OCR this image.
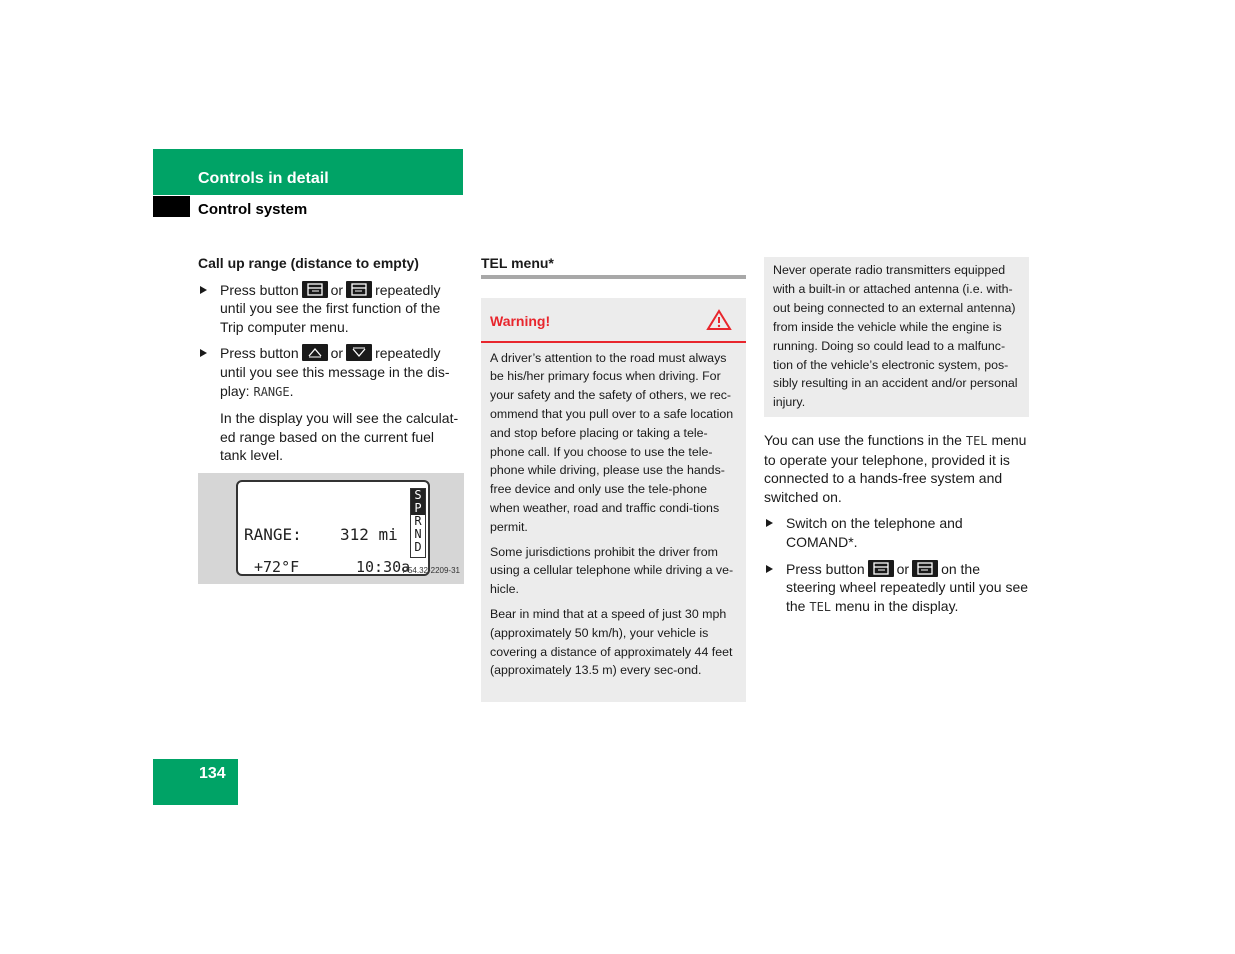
Controls in detail
Control system
Call up range (distance to empty)
Press button or repeatedly until you see the first function of the Trip computer menu.
Press button or repeatedly until you see this message in the dis-play: RANGE.
In the display you will see the calculat-ed range based on the current fuel tank level.
RANGE: 312 mi
+72°F	10:30a
S
P
R
N
D
P54.32-2209-31
TEL menu*
Warning!

A driver’s attention to the road must always be his/her primary focus when driving. For your safety and the safety of others, we rec-ommend that you pull over to a safe location and stop before placing or taking a tele-phone call. If you choose to use the tele-phone while driving, please use the hands-free device and only use the tele-phone when weather, road and traffic condi-tions permit.

Some jurisdictions prohibit the driver from using a cellular telephone while driving a ve-hicle.

Bear in mind that at a speed of just 30 mph (approximately 50 km/h), your vehicle is covering a distance of approximately 44 feet (approximately 13.5 m) every sec-ond.

Never operate radio transmitters equipped with a built-in or attached antenna (i.e. with-out being connected to an external antenna) from inside the vehicle while the engine is running. Doing so could lead to a malfunc-tion of the vehicle’s electronic system, pos-sibly resulting in an accident and/or personal injury.

You can use the functions in the TEL menu to operate your telephone, provided it is connected to a hands-free system and switched on.

Switch on the telephone and COMAND*.
Press button or on the steering wheel repeatedly until you see the TEL menu in the display.
134
